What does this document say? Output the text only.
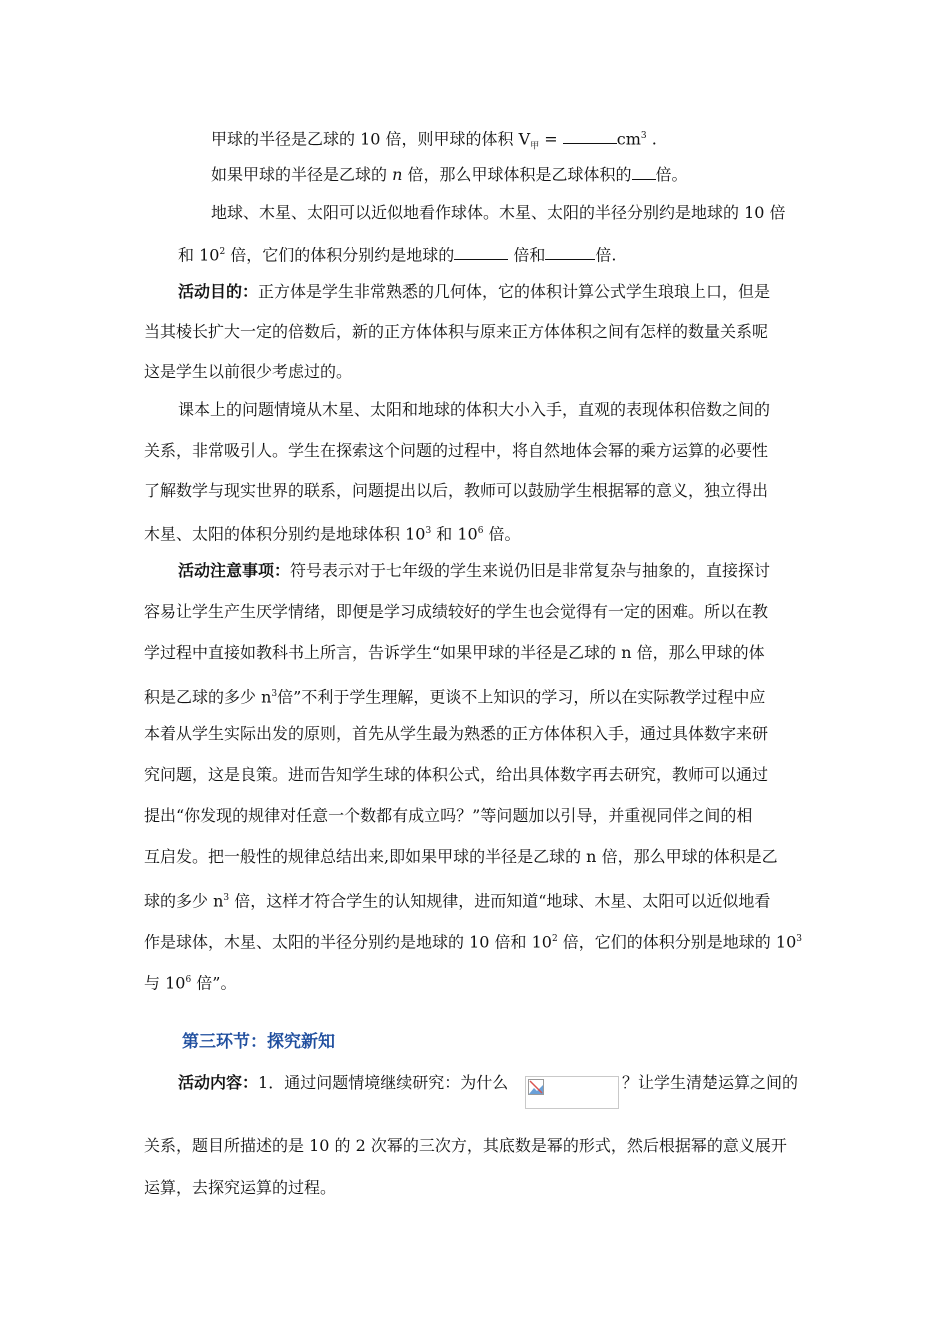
甲球的半径是乙球的 10 倍，则甲球的体积 $V_甲$ =	$cm^3$ .
如果甲球的半径是乙球的 n 倍，那么甲球体积是乙球体积的 倍。
地球、木星、太阳可以近似地看作球体。木星、太阳的半径分别约是地球的 10 倍
和 $10^2$ 倍，它们的体积分别约是地球的	倍和	倍.
活动目的：正方体是学生非常熟悉的几何体，它的体积计算公式学生琅琅上口，但是
当其棱长扩大一定的倍数后，新的正方体体积与原来正方体体积之间有怎样的数量关系呢
这是学生以前很少考虑过的。
课本上的问题情境从木星、太阳和地球的体积大小入手，直观的表现体积倍数之间的
关系，非常吸引人。学生在探索这个问题的过程中，将自然地体会幂的乘方运算的必要性
了解数学与现实世界的联系，问题提出以后，教师可以鼓励学生根据幂的意义，独立得出
木星、太阳的体积分别约是地球体积 $10^3$ 和 $10^6$ 倍。
活动注意事项：符号表示对于七年级的学生来说仍旧是非常复杂与抽象的，直接探讨
容易让学生产生厌学情绪，即便是学习成绩较好的学生也会觉得有一定的困难。所以在教
学过程中直接如教科书上所言，告诉学生“如果甲球的半径是乙球的 n 倍，那么甲球的体
积是乙球的多少 $n^3$倍”不利于学生理解，更谈不上知识的学习，所以在实际教学过程中应
本着从学生实际出发的原则，首先从学生最为熟悉的正方体体积入手，通过具体数字来研
究问题，这是良策。进而告知学生球的体积公式，给出具体数字再去研究，教师可以通过
提出“你发现的规律对任意一个数都有成立吗？”等问题加以引导，并重视同伴之间的相
互启发。把一般性的规律总结出来,即如果甲球的半径是乙球的 n 倍，那么甲球的体积是乙
球的多少 $n^3$ 倍，这样才符合学生的认知规律，进而知道“地球、木星、太阳可以近似地看
作是球体，木星、太阳的半径分别约是地球的 10 倍和 $10^2$ 倍，它们的体积分别是地球的 $10^3$
与 $10^6$ 倍”。
第三环节：探究新知
活动内容：1．通过问题情境继续研究：为什么	？让学生清楚运算之间的
关系，题目所描述的是 10 的 2 次幂的三次方，其底数是幂的形式，然后根据幂的意义展开
运算，去探究运算的过程。
